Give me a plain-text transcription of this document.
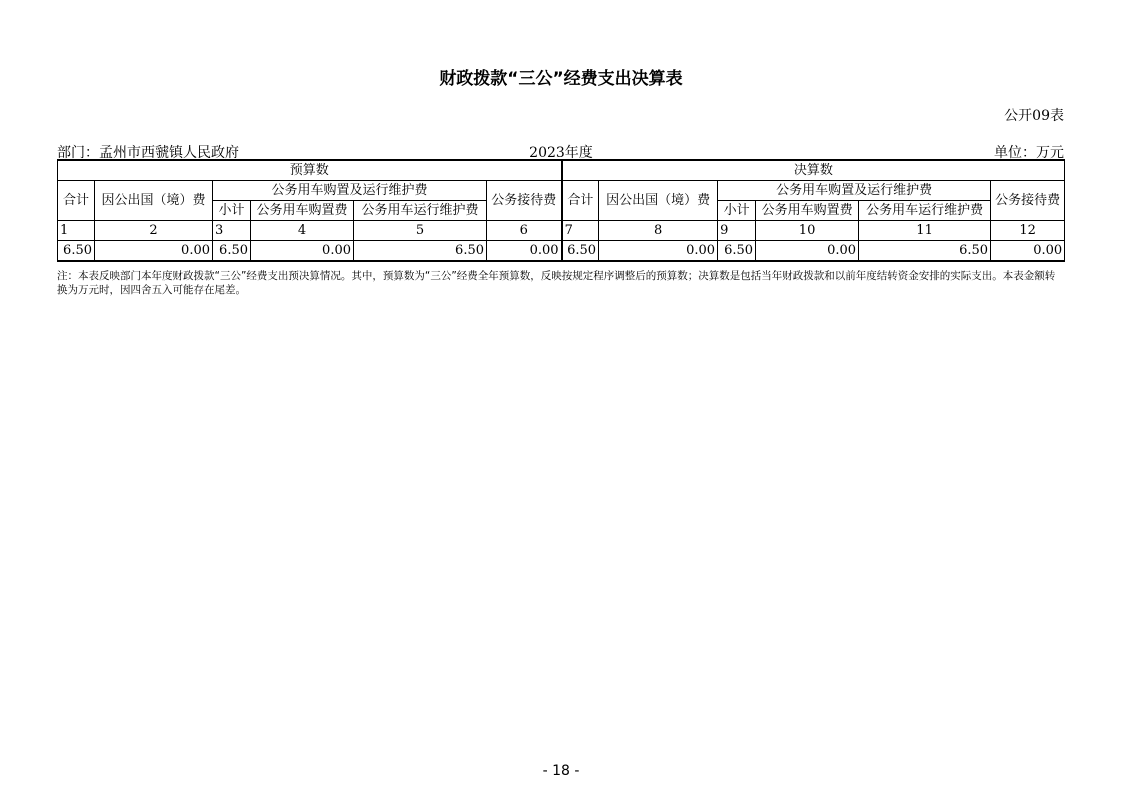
财政拨款“三公”经费支出决算表
公开09表
部门：孟州市西虢镇人民政府	2023年度	单位：万元
预算数						决算数					
合计	因公出国（境）费	公务用车购置及运行维护费			公务接待费	合计	因公出国（境）费	公务用车购置及运行维护费			公务接待费
		小计	公务用车购置费	公务用车运行维护费				小计	公务用车购置费	公务用车运行维护费	
1	2	3	4	5	6	7	8	9	10	11	12
6.50	0.00	6.50	0.00	6.50	0.00	6.50	0.00	6.50	0.00	6.50	0.00
注：本表反映部门本年度财政拨款“三公”经费支出预决算情况。其中，预算数为“三公”经费全年预算数，反映按规定程序调整后的预算数；决算数是包括当年财政拨款和以前年度结转资金安排的实际支出。本表金额转换为万元时，因四舍五入可能存在尾差。
- 18 -
